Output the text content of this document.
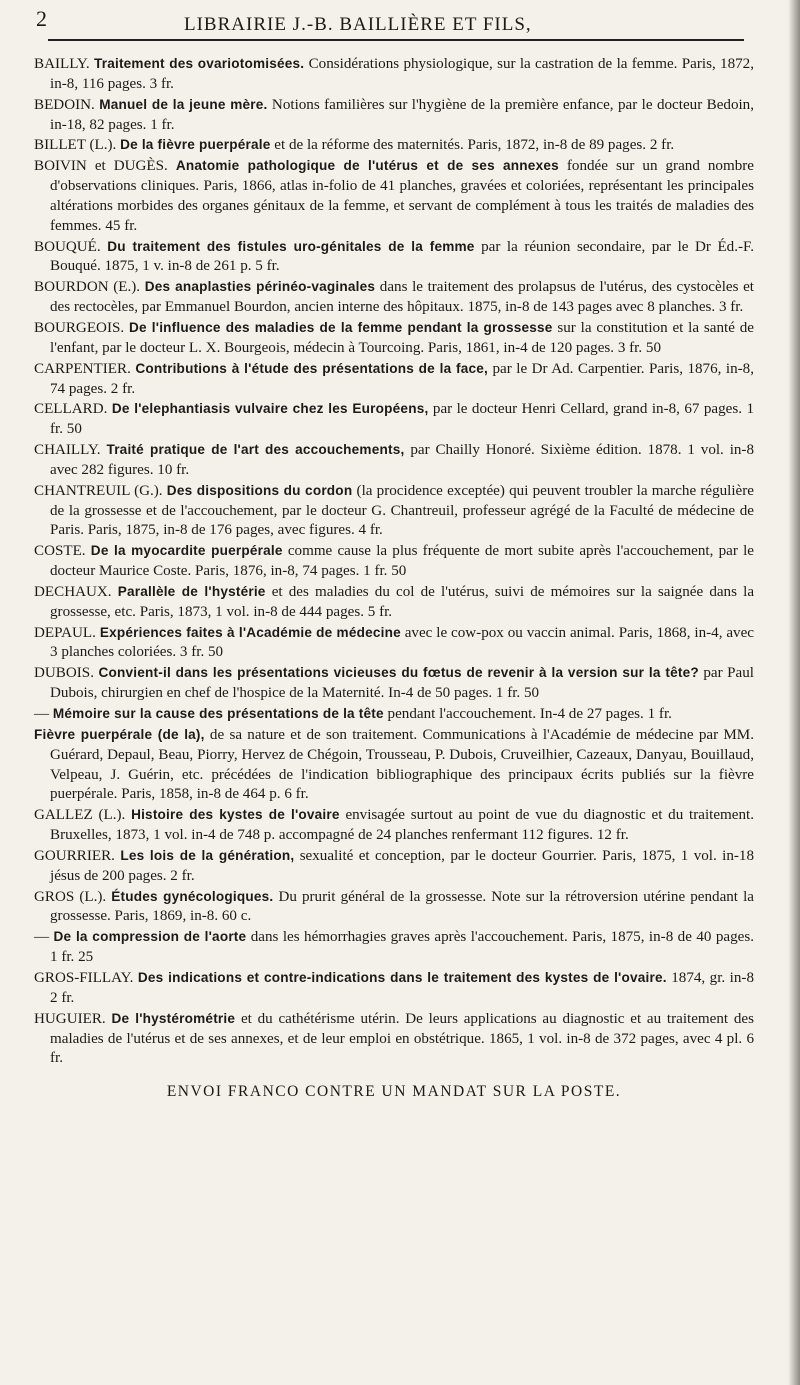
2	LIBRAIRIE J.-B. BAILLIÈRE ET FILS,

BAILLY. Traitement des ovariotomisées. Considérations physiologique, sur la castration de la femme. Paris, 1872, in-8, 116 pages. 3 fr.

BEDOIN. Manuel de la jeune mère. Notions familières sur l'hygiène de la première enfance, par le docteur Bedoin, in-18, 82 pages. 1 fr.

BILLET (L.). De la fièvre puerpérale et de la réforme des maternités. Paris, 1872, in-8 de 89 pages. 2 fr.

BOIVIN et DUGÈS. Anatomie pathologique de l'utérus et de ses annexes fondée sur un grand nombre d'observations cliniques. Paris, 1866, atlas in-folio de 41 planches, gravées et coloriées, représentant les principales altérations morbides des organes génitaux de la femme, et servant de complément à tous les traités de maladies des femmes. 45 fr.

BOUQUÉ. Du traitement des fistules uro-génitales de la femme par la réunion secondaire, par le Dr Éd.-F. Bouqué. 1875, 1 v. in-8 de 261 p. 5 fr.

BOURDON (E.). Des anaplasties périnéo-vaginales dans le traitement des prolapsus de l'utérus, des cystocèles et des rectocèles, par Emmanuel Bourdon, ancien interne des hôpitaux. 1875, in-8 de 143 pages avec 8 planches. 3 fr.

BOURGEOIS. De l'influence des maladies de la femme pendant la grossesse sur la constitution et la santé de l'enfant, par le docteur L. X. Bourgeois, médecin à Tourcoing. Paris, 1861, in-4 de 120 pages. 3 fr. 50

CARPENTIER. Contributions à l'étude des présentations de la face, par le Dr Ad. Carpentier. Paris, 1876, in-8, 74 pages. 2 fr.

CELLARD. De l'elephantiasis vulvaire chez les Européens, par le docteur Henri Cellard, grand in-8, 67 pages. 1 fr. 50

CHAILLY. Traité pratique de l'art des accouchements, par Chailly Honoré. Sixième édition. 1878. 1 vol. in-8 avec 282 figures. 10 fr.

CHANTREUIL (G.). Des dispositions du cordon (la procidence exceptée) qui peuvent troubler la marche régulière de la grossesse et de l'accouchement, par le docteur G. Chantreuil, professeur agrégé de la Faculté de médecine de Paris. Paris, 1875, in-8 de 176 pages, avec figures. 4 fr.

COSTE. De la myocardite puerpérale comme cause la plus fréquente de mort subite après l'accouchement, par le docteur Maurice Coste. Paris, 1876, in-8, 74 pages. 1 fr. 50

DECHAUX. Parallèle de l'hystérie et des maladies du col de l'utérus, suivi de mémoires sur la saignée dans la grossesse, etc. Paris, 1873, 1 vol. in-8 de 444 pages. 5 fr.

DEPAUL. Expériences faites à l'Académie de médecine avec le cow-pox ou vaccin animal. Paris, 1868, in-4, avec 3 planches coloriées. 3 fr. 50

DUBOIS. Convient-il dans les présentations vicieuses du fœtus de revenir à la version sur la tête? par Paul Dubois, chirurgien en chef de l'hospice de la Maternité. In-4 de 50 pages. 1 fr. 50

— Mémoire sur la cause des présentations de la tête pendant l'accouchement. In-4 de 27 pages. 1 fr.

Fièvre puerpérale (de la), de sa nature et de son traitement. Communications à l'Académie de médecine par MM. Guérard, Depaul, Beau, Piorry, Hervez de Chégoin, Trousseau, P. Dubois, Cruveilhier, Cazeaux, Danyau, Bouillaud, Velpeau, J. Guérin, etc. précédées de l'indication bibliographique des principaux écrits publiés sur la fièvre puerpérale. Paris, 1858, in-8 de 464 p. 6 fr.

GALLEZ (L.). Histoire des kystes de l'ovaire envisagée surtout au point de vue du diagnostic et du traitement. Bruxelles, 1873, 1 vol. in-4 de 748 p. accompagné de 24 planches renfermant 112 figures. 12 fr.

GOURRIER. Les lois de la génération, sexualité et conception, par le docteur Gourrier. Paris, 1875, 1 vol. in-18 jésus de 200 pages. 2 fr.

GROS (L.). Études gynécologiques. Du prurit général de la grossesse. Note sur la rétroversion utérine pendant la grossesse. Paris, 1869, in-8. 60 c.

— De la compression de l'aorte dans les hémorrhagies graves après l'accouchement. Paris, 1875, in-8 de 40 pages. 1 fr. 25

GROS-FILLAY. Des indications et contre-indications dans le traitement des kystes de l'ovaire. 1874, gr. in-8 2 fr.

HUGUIER. De l'hystérométrie et du cathétérisme utérin. De leurs applications au diagnostic et au traitement des maladies de l'utérus et de ses annexes, et de leur emploi en obstétrique. 1865, 1 vol. in-8 de 372 pages, avec 4 pl. 6 fr.

ENVOI FRANCO CONTRE UN MANDAT SUR LA POSTE.
